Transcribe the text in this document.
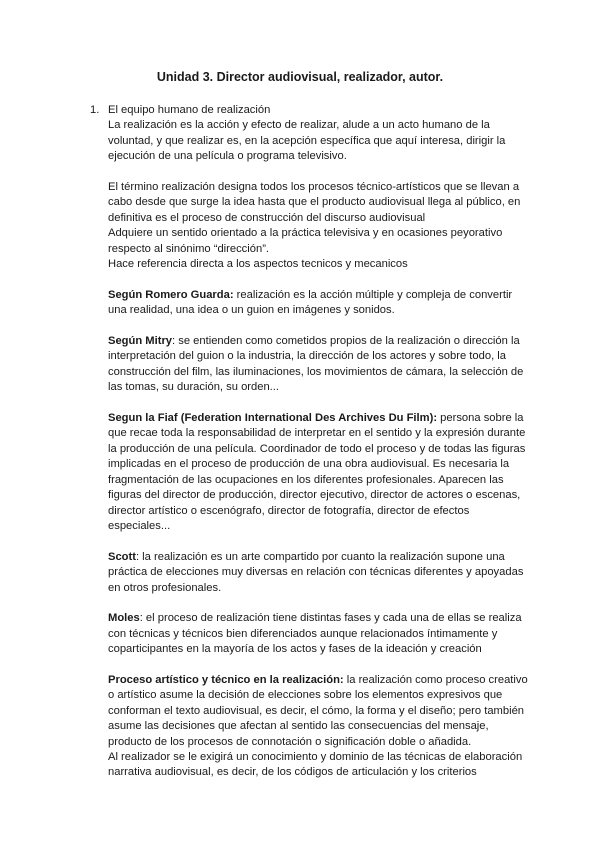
Unidad 3. Director audiovisual, realizador, autor.
1. El equipo humano de realización
La realización es la acción y efecto de realizar, alude a un acto humano de la
voluntad, y que realizar es, en la acepción específica que aquí interesa, dirigir la
ejecución de una película o programa televisivo.
El término realización designa todos los procesos técnico-artísticos que se llevan a
cabo desde que surge la idea hasta que el producto audiovisual llega al público, en
definitiva es el proceso de construcción del discurso audiovisual
Adquiere un sentido orientado a la práctica televisiva y en ocasiones peyorativo
respecto al sinónimo “dirección”.
Hace referencia directa a los aspectos tecnicos y mecanicos
Según Romero Guarda: realización es la acción múltiple y compleja de convertir
una realidad, una idea o un guion en imágenes y sonidos.
Según Mitry: se entienden como cometidos propios de la realización o dirección la
interpretación del guion o la industria, la dirección de los actores y sobre todo, la
construcción del film, las iluminaciones, los movimientos de cámara, la selección de
las tomas, su duración, su orden...
Segun la Fiaf (Federation International Des Archives Du Film): persona sobre la
que recae toda la responsabilidad de interpretar en el sentido y la expresión durante
la producción de una película. Coordinador de todo el proceso y de todas las figuras
implicadas en el proceso de producción de una obra audiovisual. Es necesaria la
fragmentación de las ocupaciones en los diferentes profesionales. Aparecen las
figuras del director de producción, director ejecutivo, director de actores o escenas,
director artístico o escenógrafo, director de fotografía, director de efectos
especiales...
Scott: la realización es un arte compartido por cuanto la realización supone una
práctica de elecciones muy diversas en relación con técnicas diferentes y apoyadas
en otros profesionales.
Moles: el proceso de realización tiene distintas fases y cada una de ellas se realiza
con técnicas y técnicos bien diferenciados aunque relacionados íntimamente y
coparticipantes en la mayoría de los actos y fases de la ideación y creación
Proceso artístico y técnico en la realización: la realización como proceso creativo
o artístico asume la decisión de elecciones sobre los elementos expresivos que
conforman el texto audiovisual, es decir, el cómo, la forma y el diseño; pero también
asume las decisiones que afectan al sentido las consecuencias del mensaje,
producto de los procesos de connotación o significación doble o añadida.
Al realizador se le exigirá un conocimiento y dominio de las técnicas de elaboración
narrativa audiovisual, es decir, de los códigos de articulación y los criterios
